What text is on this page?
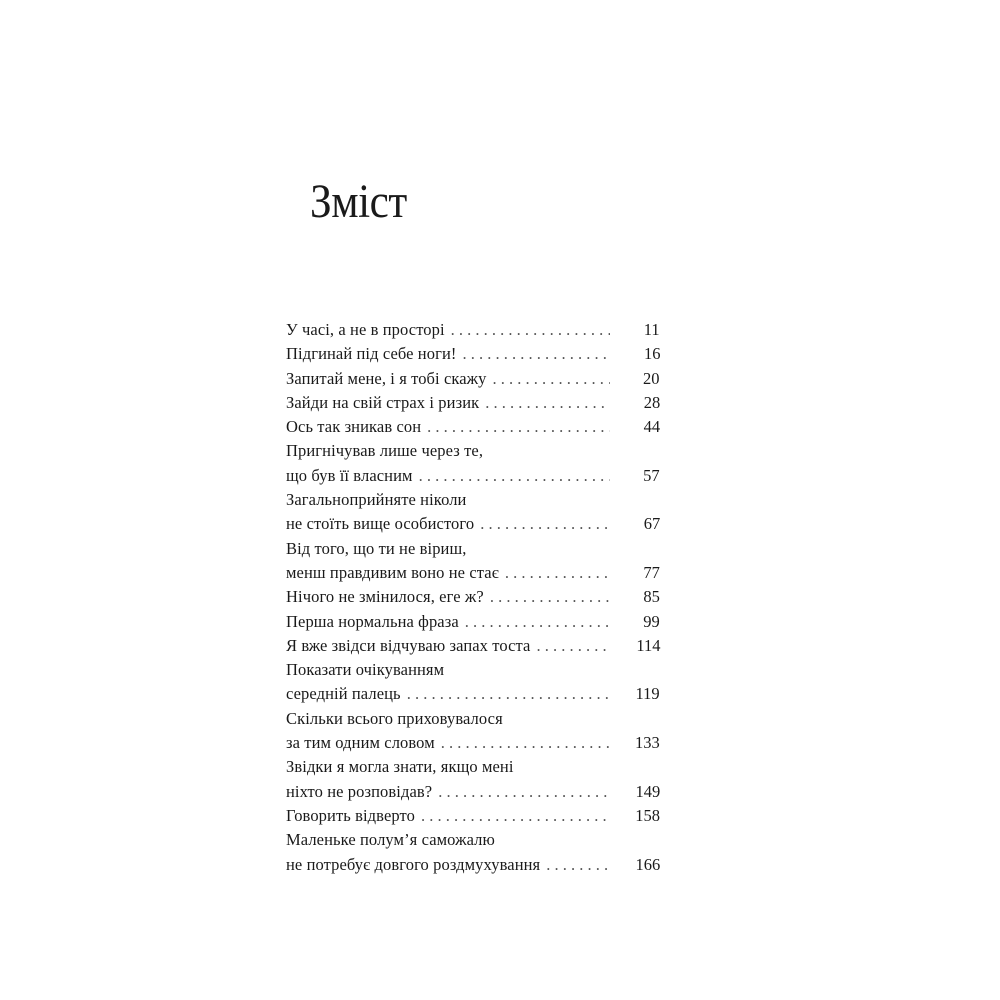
Зміст
У часі, а не в просторі . . .	11
Підгинай під себе ноги! . . .	16
Запитай мене, і я тобі скажу . . .	20
Зайди на свій страх і ризик . . .	28
Ось так зникав сон . . .	44
Пригнічував лише через те,
що був її власним . . .	57
Загальноприйняте ніколи
не стоїть вище особистого . . .	67
Від того, що ти не віриш,
менш правдивим воно не стає . . .	77
Нічого не змінилося, еге ж? . . .	85
Перша нормальна фраза . . .	99
Я вже звідси відчуваю запах тоста . . .	114
Показати очікуванням
середній палець . . .	119
Скільки всього приховувалося
за тим одним словом . . .	133
Звідки я могла знати, якщо мені
ніхто не розповідав? . . .	149
Говорить відверто . . .	158
Маленьке полум’я саможалю
не потребує довгого роздмухування . . .	166
